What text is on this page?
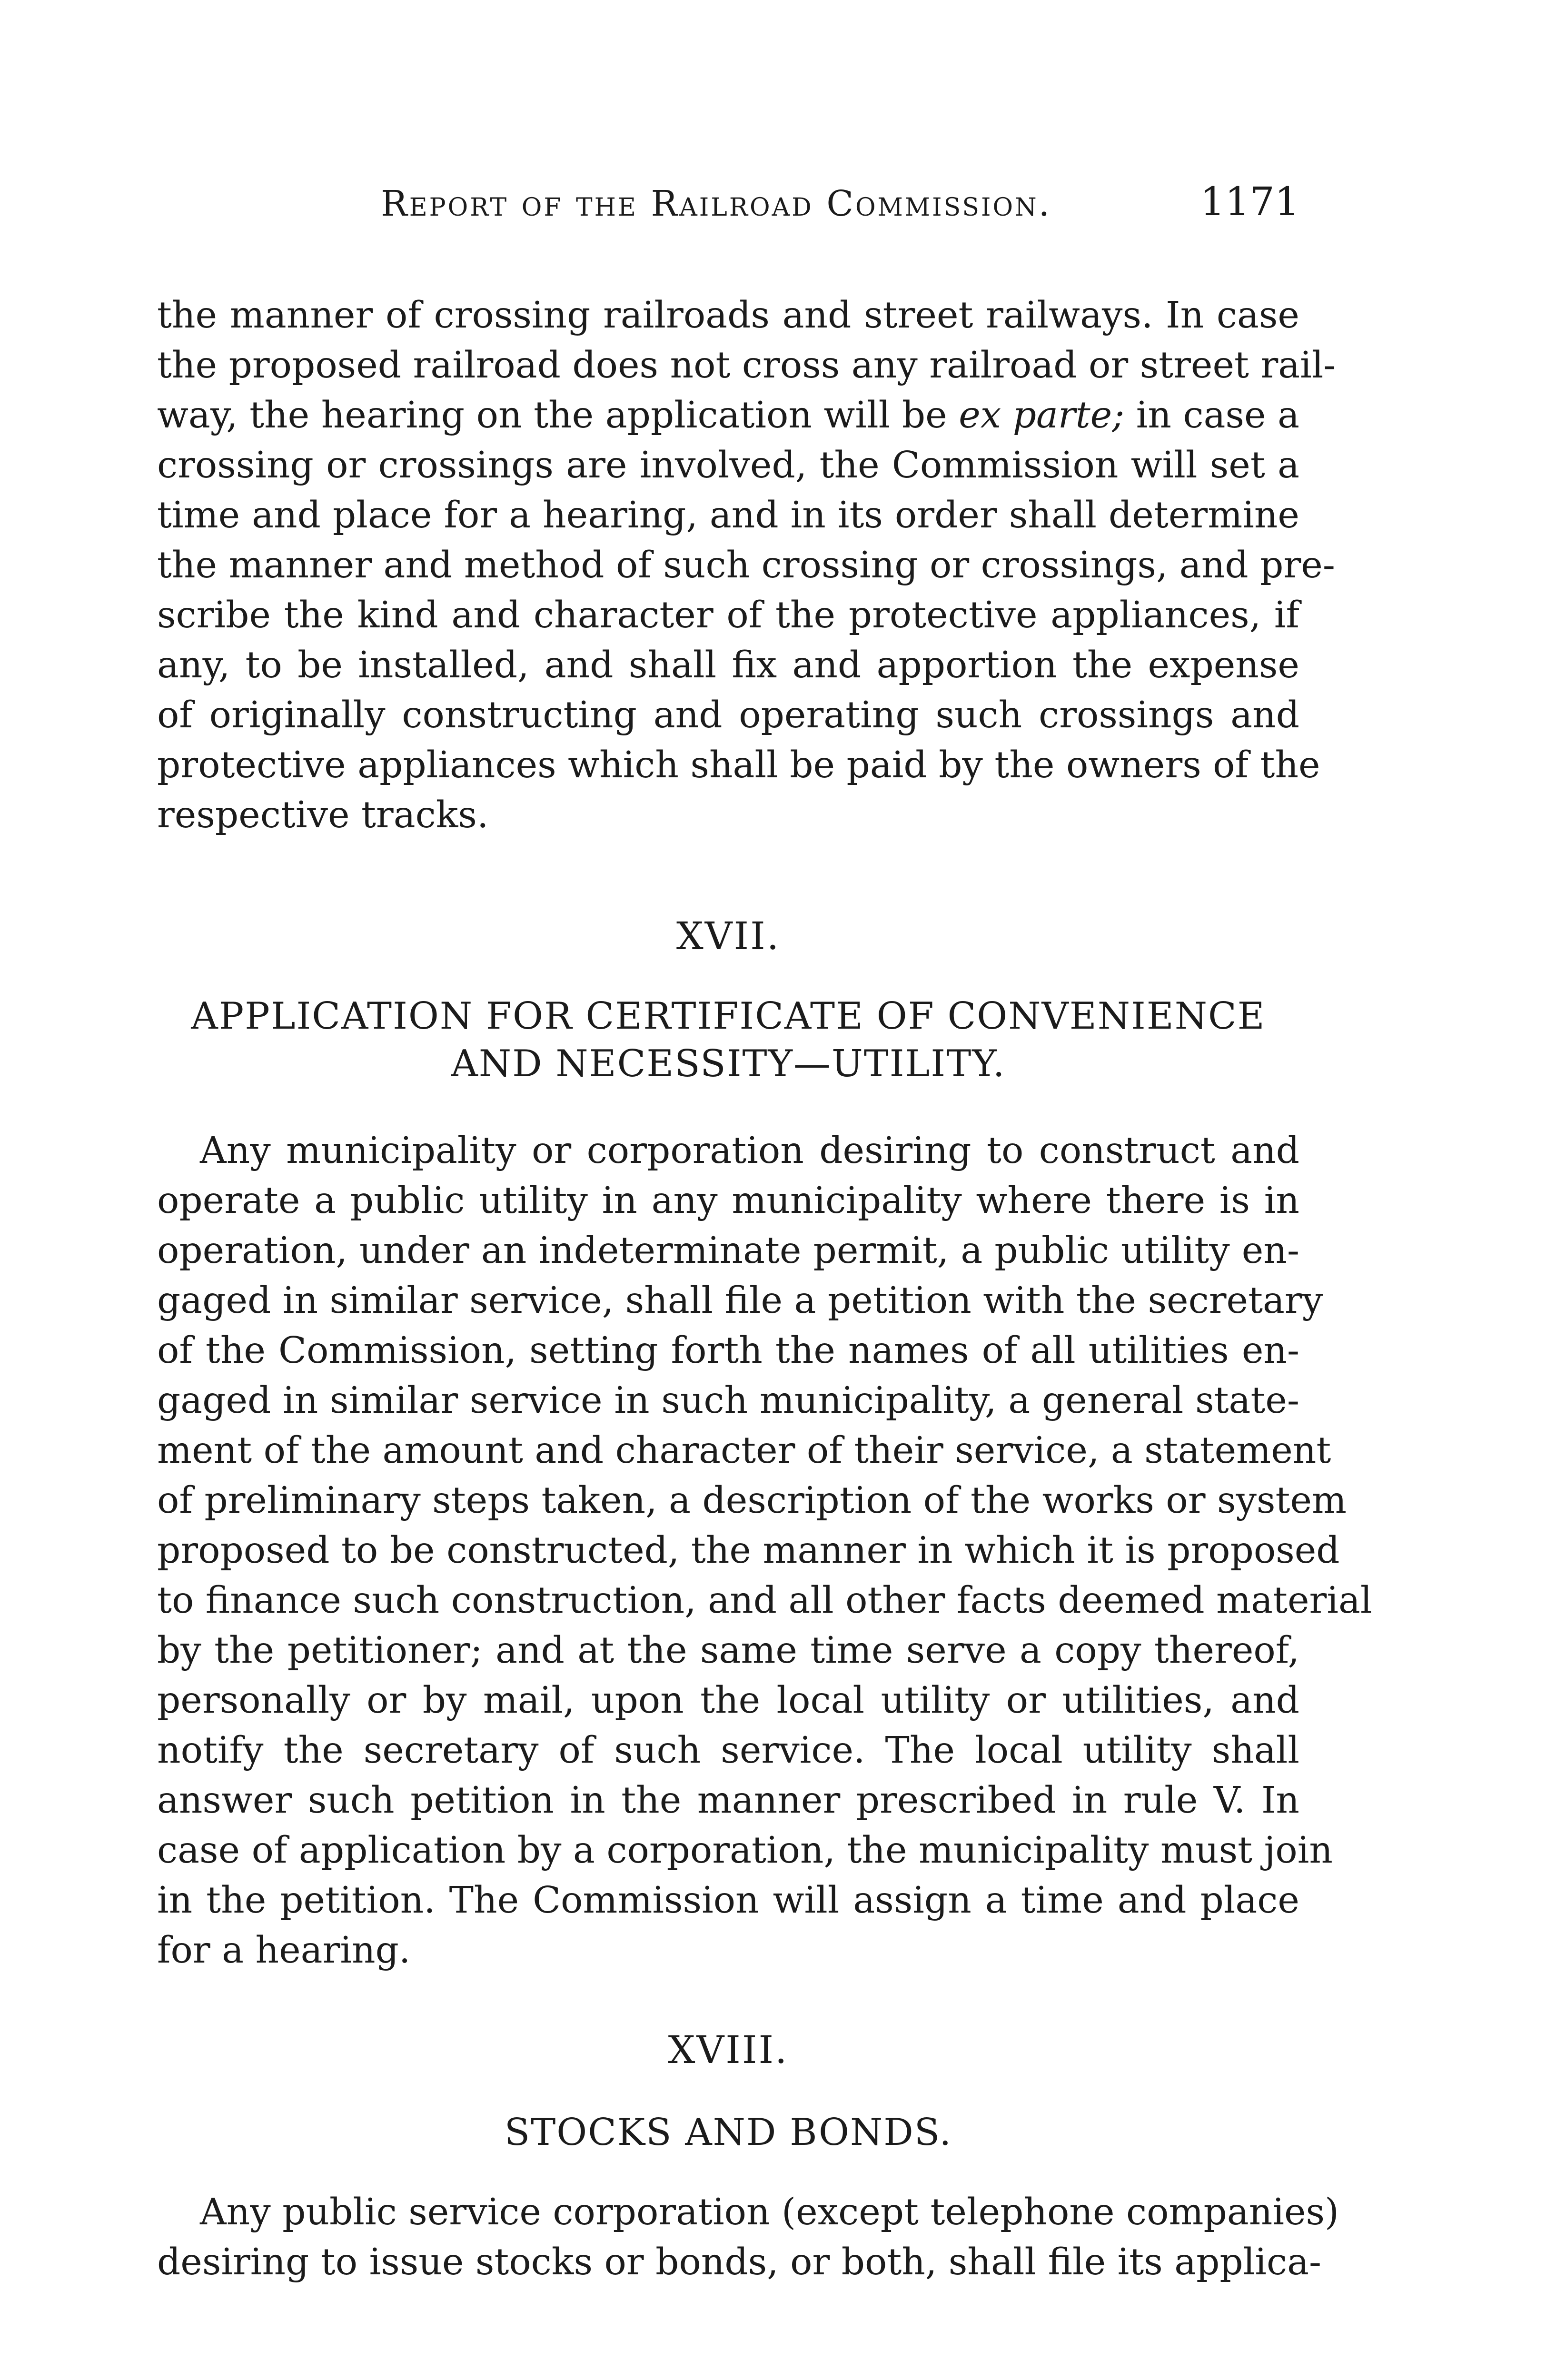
Report of the Railroad Commission.	1171
the manner of crossing railroads and street railways. In case
the proposed railroad does not cross any railroad or street rail-
way, the hearing on the application will be ex parte; in case a
crossing or crossings are involved, the Commission will set a
time and place for a hearing, and in its order shall determine
the manner and method of such crossing or crossings, and pre-
scribe the kind and character of the protective appliances, if
any, to be installed, and shall fix and apportion the expense
of originally constructing and operating such crossings and
protective appliances which shall be paid by the owners of the
respective tracks.
XVII.
APPLICATION FOR CERTIFICATE OF CONVENIENCE
AND NECESSITY—UTILITY.
Any municipality or corporation desiring to construct and
operate a public utility in any municipality where there is in
operation, under an indeterminate permit, a public utility en-
gaged in similar service, shall file a petition with the secretary
of the Commission, setting forth the names of all utilities en-
gaged in similar service in such municipality, a general state-
ment of the amount and character of their service, a statement
of preliminary steps taken, a description of the works or system
proposed to be constructed, the manner in which it is proposed
to finance such construction, and all other facts deemed material
by the petitioner; and at the same time serve a copy thereof,
personally or by mail, upon the local utility or utilities, and
notify the secretary of such service. The local utility shall
answer such petition in the manner prescribed in rule V. In
case of application by a corporation, the municipality must join
in the petition. The Commission will assign a time and place
for a hearing.
XVIII.
STOCKS AND BONDS.
Any public service corporation (except telephone companies)
desiring to issue stocks or bonds, or both, shall file its applica-
